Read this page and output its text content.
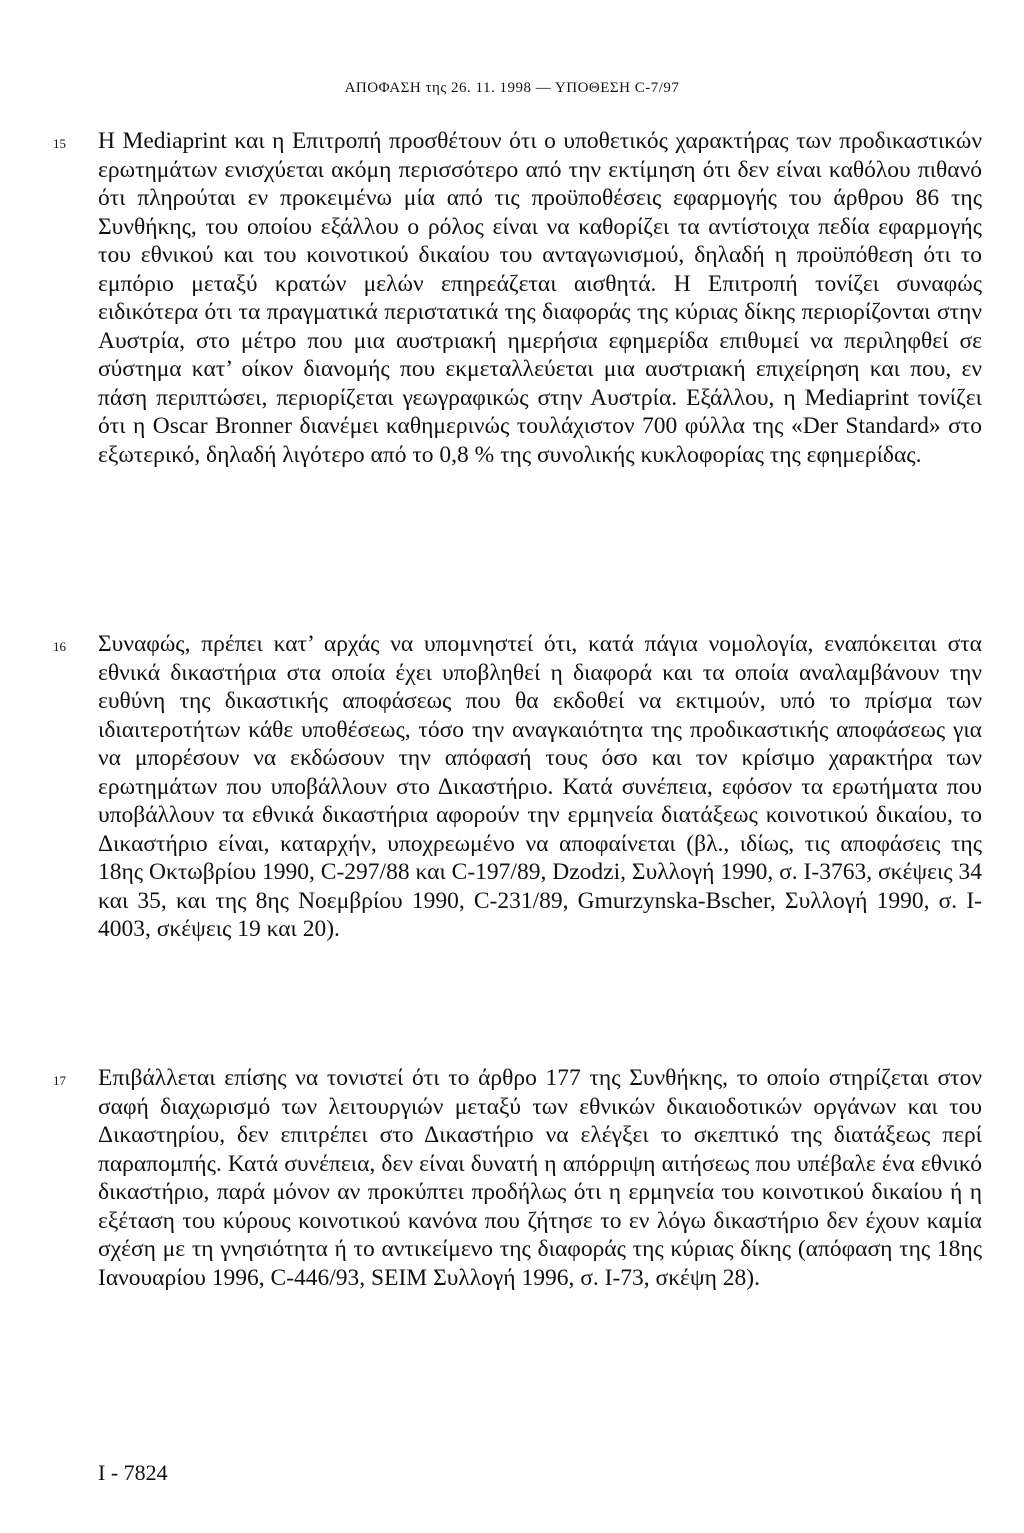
ΑΠΟΦΑΣΗ της 26. 11. 1998 — ΥΠΟΘΕΣΗ C-7/97
15 Η Mediaprint και η Επιτροπή προσθέτουν ότι ο υποθετικός χαρακτήρας των προδικαστικών ερωτημάτων ενισχύεται ακόμη περισσότερο από την εκτίμηση ότι δεν είναι καθόλου πιθανό ότι πληρούται εν προκειμένω μία από τις προϋποθέσεις εφαρμογής του άρθρου 86 της Συνθήκης, του οποίου εξάλλου ο ρόλος είναι να καθορίζει τα αντίστοιχα πεδία εφαρμογής του εθνικού και του κοινοτικού δικαίου του ανταγωνισμού, δηλαδή η προϋπόθεση ότι το εμπόριο μεταξύ κρατών μελών επηρεάζεται αισθητά. Η Επιτροπή τονίζει συναφώς ειδικότερα ότι τα πραγματικά περιστατικά της διαφοράς της κύριας δίκης περιορίζονται στην Αυστρία, στο μέτρο που μια αυστριακή ημερήσια εφημερίδα επιθυμεί να περιληφθεί σε σύστημα κατ’ οίκον διανομής που εκμεταλλεύεται μια αυστριακή επιχείρηση και που, εν πάση περιπτώσει, περιορίζεται γεωγραφικώς στην Αυστρία. Εξάλλου, η Mediaprint τονίζει ότι η Oscar Bronner διανέμει καθημερινώς τουλάχιστον 700 φύλλα της «Der Standard» στο εξωτερικό, δηλαδή λιγότερο από το 0,8 % της συνολικής κυκλοφορίας της εφημερίδας.
16 Συναφώς, πρέπει κατ’ αρχάς να υπομνηστεί ότι, κατά πάγια νομολογία, εναπόκειται στα εθνικά δικαστήρια στα οποία έχει υποβληθεί η διαφορά και τα οποία αναλαμβάνουν την ευθύνη της δικαστικής αποφάσεως που θα εκδοθεί να εκτιμούν, υπό το πρίσμα των ιδιαιτεροτήτων κάθε υποθέσεως, τόσο την αναγκαιότητα της προδικαστικής αποφάσεως για να μπορέσουν να εκδώσουν την απόφασή τους όσο και τον κρίσιμο χαρακτήρα των ερωτημάτων που υποβάλλουν στο Δικαστήριο. Κατά συνέπεια, εφόσον τα ερωτήματα που υποβάλλουν τα εθνικά δικαστήρια αφορούν την ερμηνεία διατάξεως κοινοτικού δικαίου, το Δικαστήριο είναι, καταρχήν, υποχρεωμένο να αποφαίνεται (βλ., ιδίως, τις αποφάσεις της 18ης Οκτωβρίου 1990, C-297/88 και C-197/89, Dzodzi, Συλλογή 1990, σ. I-3763, σκέψεις 34 και 35, και της 8ης Νοεμβρίου 1990, C-231/89, Gmurzynska-Bscher, Συλλογή 1990, σ. I-4003, σκέψεις 19 και 20).
17 Επιβάλλεται επίσης να τονιστεί ότι το άρθρο 177 της Συνθήκης, το οποίο στηρίζεται στον σαφή διαχωρισμό των λειτουργιών μεταξύ των εθνικών δικαιοδοτικών οργάνων και του Δικαστηρίου, δεν επιτρέπει στο Δικαστήριο να ελέγξει το σκεπτικό της διατάξεως περί παραπομπής. Κατά συνέπεια, δεν είναι δυνατή η απόρριψη αιτήσεως που υπέβαλε ένα εθνικό δικαστήριο, παρά μόνον αν προκύπτει προδήλως ότι η ερμηνεία του κοινοτικού δικαίου ή η εξέταση του κύρους κοινοτικού κανόνα που ζήτησε το εν λόγω δικαστήριο δεν έχουν καμία σχέση με τη γνησιότητα ή το αντικείμενο της διαφοράς της κύριας δίκης (απόφαση της 18ης Ιανουαρίου 1996, C-446/93, SEIM Συλλογή 1996, σ. I-73, σκέψη 28).
I - 7824
